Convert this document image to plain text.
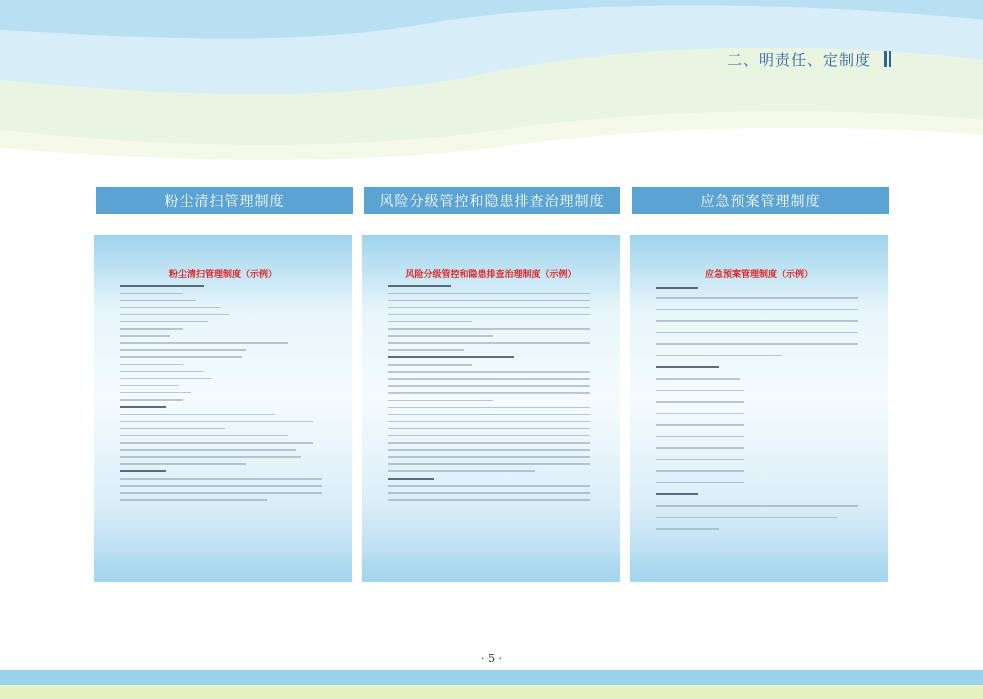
二、明责任、定制度
粉尘清扫管理制度	风险分级管控和隐患排查治理制度	应急预案管理制度
粉尘清扫管理制度（示例）	风险分级管控和隐患排查治理制度（示例）	应急预案管理制度（示例）
· 5 ·
